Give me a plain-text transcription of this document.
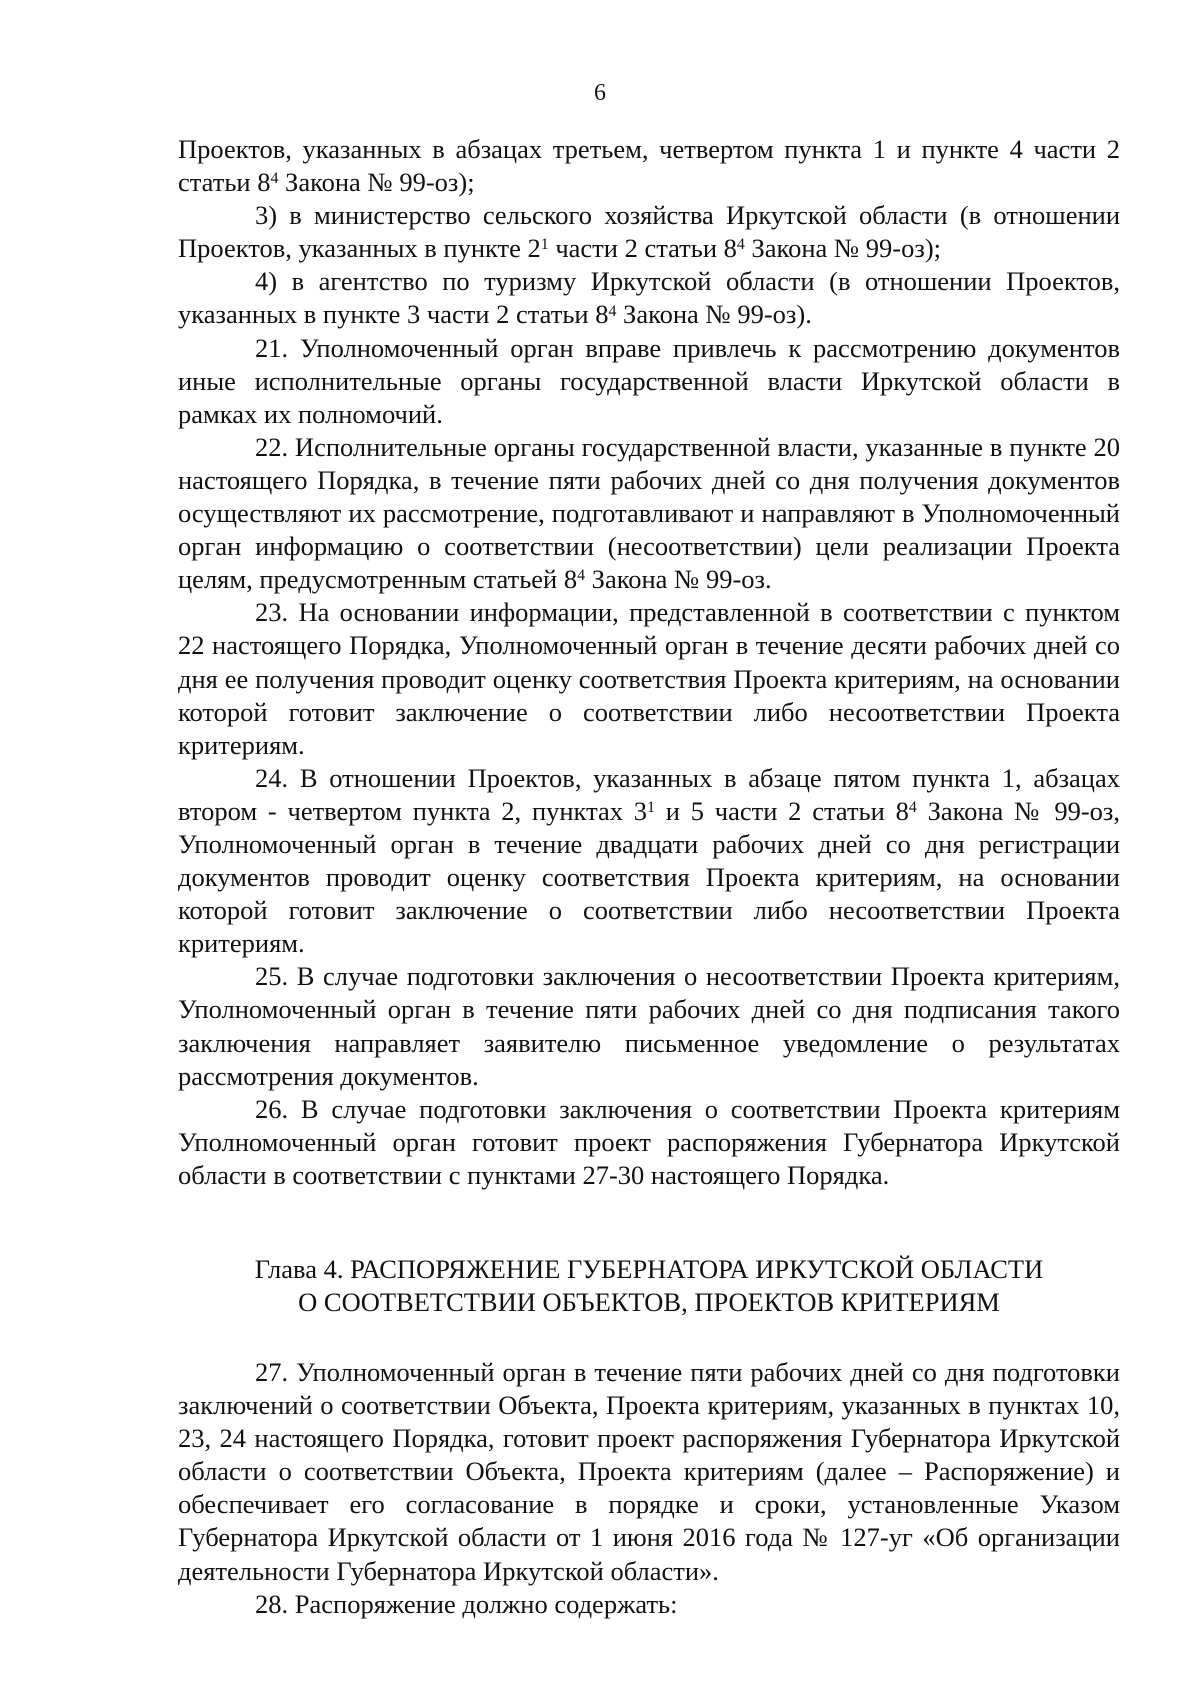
6

Проектов, указанных в абзацах третьем, четвертом пункта 1 и пункте 4 части 2 статьи $8^4$ Закона № 99-оз);

3) в министерство сельского хозяйства Иркутской области (в отношении Проектов, указанных в пункте $2^1$ части 2 статьи $8^4$ Закона № 99-оз);

4) в агентство по туризму Иркутской области (в отношении Проектов, указанных в пункте 3 части 2 статьи $8^4$ Закона № 99-оз).

21. Уполномоченный орган вправе привлечь к рассмотрению документов иные исполнительные органы государственной власти Иркутской области в рамках их полномочий.

22. Исполнительные органы государственной власти, указанные в пункте 20 настоящего Порядка, в течение пяти рабочих дней со дня получения документов осуществляют их рассмотрение, подготавливают и направляют в Уполномоченный орган информацию о соответствии (несоответствии) цели реализации Проекта целям, предусмотренным статьей $8^4$ Закона № 99-оз.

23. На основании информации, представленной в соответствии с пунктом 22 настоящего Порядка, Уполномоченный орган в течение десяти рабочих дней со дня ее получения проводит оценку соответствия Проекта критериям, на основании которой готовит заключение о соответствии либо несоответствии Проекта критериям.

24. В отношении Проектов, указанных в абзаце пятом пункта 1, абзацах втором - четвертом пункта 2, пунктах $3^1$ и 5 части 2 статьи $8^4$ Закона № 99-оз, Уполномоченный орган в течение двадцати рабочих дней со дня регистрации документов проводит оценку соответствия Проекта критериям, на основании которой готовит заключение о соответствии либо несоответствии Проекта критериям.

25. В случае подготовки заключения о несоответствии Проекта критериям, Уполномоченный орган в течение пяти рабочих дней со дня подписания такого заключения направляет заявителю письменное уведомление о результатах рассмотрения документов.

26. В случае подготовки заключения о соответствии Проекта критериям Уполномоченный орган готовит проект распоряжения Губернатора Иркутской области в соответствии с пунктами 27-30 настоящего Порядка.

Глава 4. РАСПОРЯЖЕНИЕ ГУБЕРНАТОРА ИРКУТСКОЙ ОБЛАСТИ
О СООТВЕТСТВИИ ОБЪЕКТОВ, ПРОЕКТОВ КРИТЕРИЯМ

27. Уполномоченный орган в течение пяти рабочих дней со дня подготовки заключений о соответствии Объекта, Проекта критериям, указанных в пунктах 10, 23, 24 настоящего Порядка, готовит проект распоряжения Губернатора Иркутской области о соответствии Объекта, Проекта критериям (далее – Распоряжение) и обеспечивает его согласование в порядке и сроки, установленные Указом Губернатора Иркутской области от 1 июня 2016 года № 127-уг «Об организации деятельности Губернатора Иркутской области».

28. Распоряжение должно содержать:
